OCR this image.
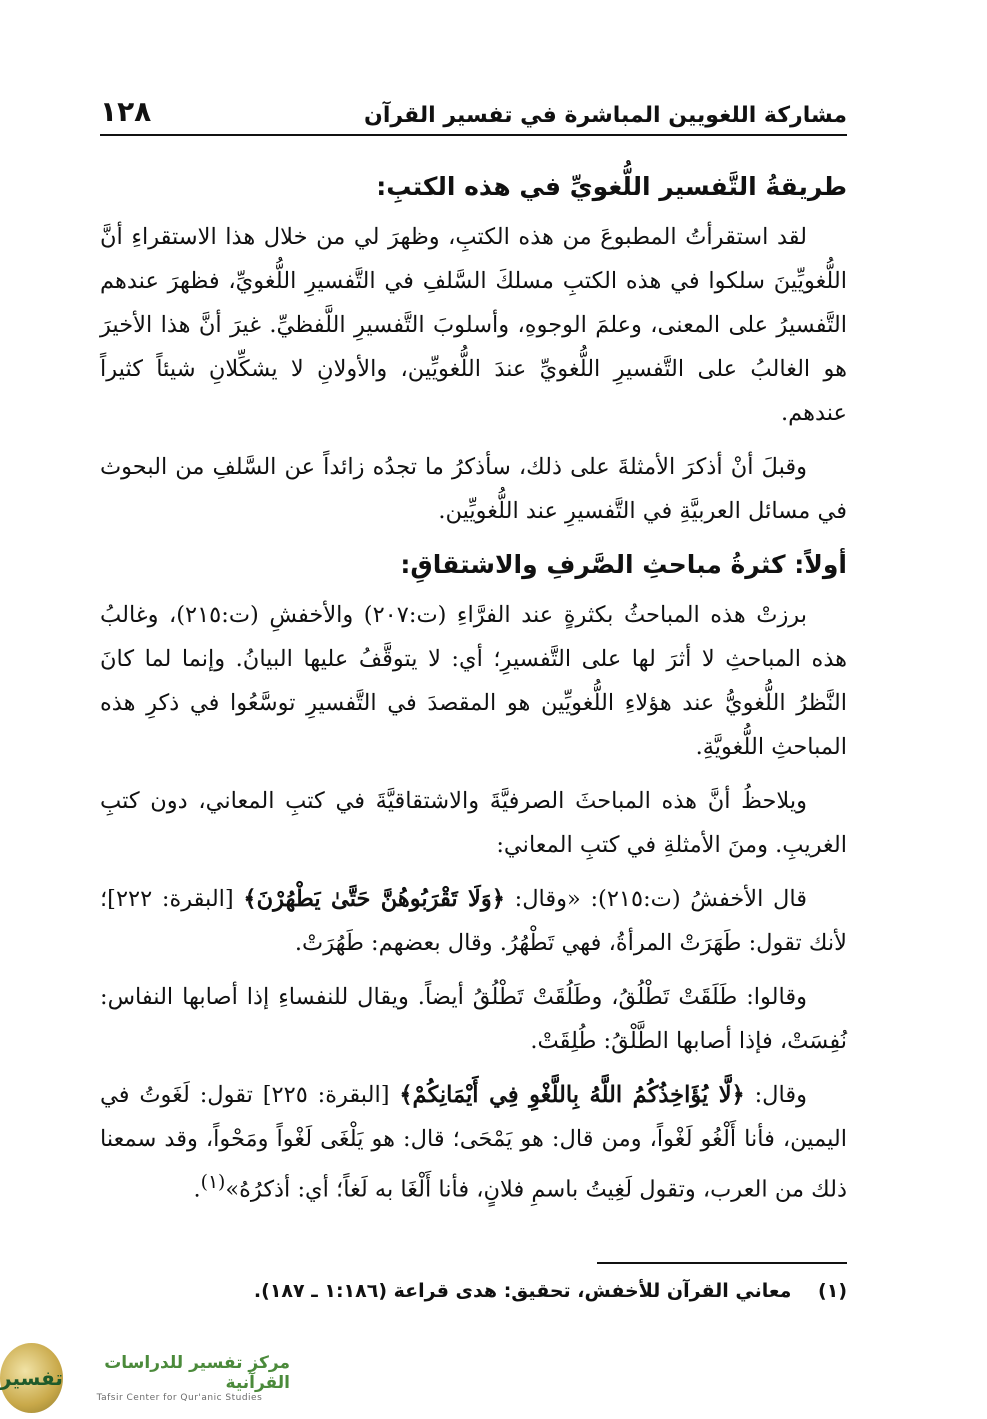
مشاركة اللغويين المباشرة في تفسير القرآن
١٢٨
طريقةُ التَّفسير اللُّغويِّ في هذه الكتبِ:

لقد استقرأتُ المطبوعَ من هذه الكتبِ، وظهرَ لي من خلال هذا الاستقراءِ أنَّ اللُّغويِّينَ سلكوا في هذه الكتبِ مسلكَ السَّلفِ في التَّفسيرِ اللُّغويِّ، فظهرَ عندهم التَّفسيرُ على المعنى، وعلمَ الوجوهِ، وأسلوبَ التَّفسيرِ اللَّفظيِّ. غيرَ أنَّ هذا الأخيرَ هو الغالبُ على التَّفسيرِ اللُّغويِّ عندَ اللُّغويِّين، والأولانِ لا يشكِّلانِ شيئاً كثيراً عندهم.

وقبلَ أنْ أذكرَ الأمثلةَ على ذلك، سأذكرُ ما تجدُه زائداً عن السَّلفِ من البحوث في مسائل العربيَّةِ في التَّفسيرِ عند اللُّغويِّين.

أولاً: كثرةُ مباحثِ الصَّرفِ والاشتقاقِ:

برزتْ هذه المباحثُ بكثرةٍ عند الفرَّاءِ (ت:٢٠٧) والأخفشِ (ت:٢١٥)، وغالبُ هذه المباحثِ لا أثرَ لها على التَّفسيرِ؛ أي: لا يتوقَّفُ عليها البيانُ. وإنما لما كانَ النَّظرُ اللُّغويُّ عند هؤلاءِ اللُّغويِّين هو المقصدَ في التَّفسيرِ توسَّعُوا في ذكرِ هذه المباحثِ اللُّغويَّةِ.

ويلاحظُ أنَّ هذه المباحثَ الصرفيَّةَ والاشتقاقيَّةَ في كتبِ المعاني، دون كتبِ الغريبِ. ومنَ الأمثلةِ في كتبِ المعاني:

قال الأخفشُ (ت:٢١٥): «وقال: ﴿وَلَا تَقْرَبُوهُنَّ حَتَّىٰ يَطْهُرْنَ﴾ [البقرة: ٢٢٢]؛ لأنك تقول: طَهَرَتْ المرأةُ، فهي تَطْهُرُ. وقال بعضهم: طَهُرَتْ.

وقالوا: طَلَقَتْ تَطْلُقُ، وطَلُقَتْ تَطْلُقُ أيضاً. ويقال للنفساءِ إذا أصابها النفاس: نُفِسَتْ، فإذا أصابها الطَّلْقُ: طُلِقَتْ.

وقال: ﴿لَّا يُؤَاخِذُكُمُ اللَّهُ بِاللَّغْوِ فِي أَيْمَانِكُمْ﴾ [البقرة: ٢٢٥] تقول: لَغَوتُ في اليمين، فأنا أَلْغُو لَغْواً، ومن قال: هو يَمْحَى؛ قال: هو يَلْغَى لَغْواً ومَحْواً، وقد سمعنا ذلك من العرب، وتقول لَغِيتُ باسمِ فلانٍ، فأنا أَلْغَا به لَغاً؛ أي: أذكرُهُ»$^{(١)}$.

(١) معاني القرآن للأخفش، تحقيق: هدى قراعة (١:١٨٦ ـ ١٨٧).
مركز تفسير للدراسات القرآنية
Tafsir Center for Qur'anic Studies
تفسير
